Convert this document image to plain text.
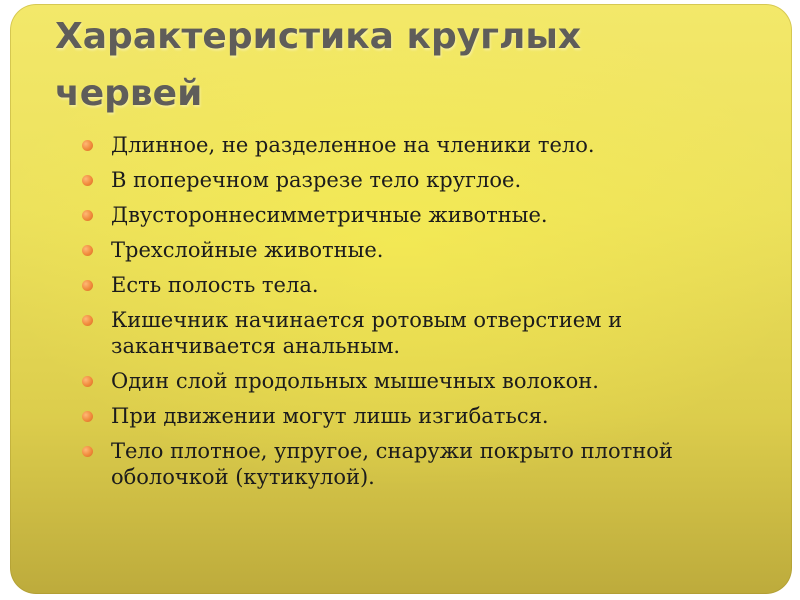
Характеристика круглых червей
Длинное, не разделенное на членики тело.
В поперечном разрезе тело круглое.
Двустороннесимметричные животные.
Трехслойные животные.
Есть полость тела.
Кишечник начинается ротовым отверстием и заканчивается анальным.
Один слой продольных мышечных волокон.
При движении могут лишь изгибаться.
Тело плотное, упругое, снаружи покрыто плотной оболочкой (кутикулой).
